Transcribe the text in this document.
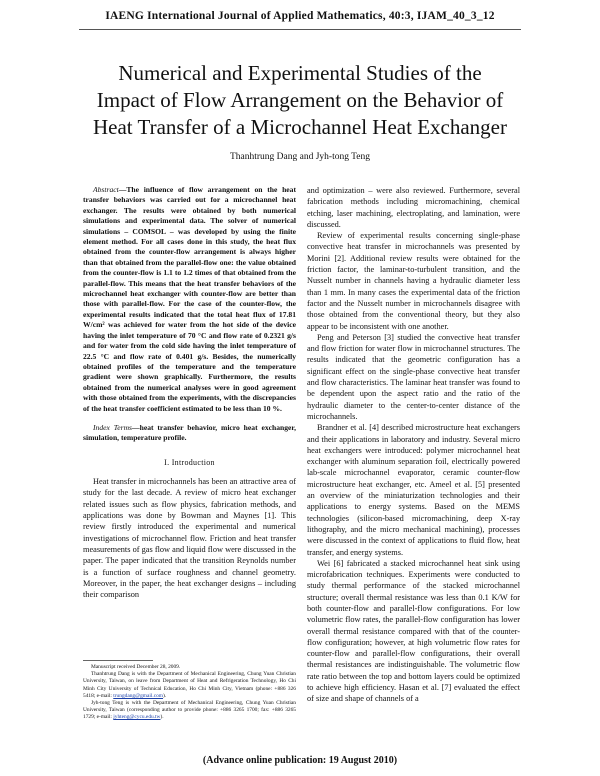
IAENG International Journal of Applied Mathematics, 40:3, IJAM_40_3_12
Numerical and Experimental Studies of the
Impact of Flow Arrangement on the Behavior of
Heat Transfer of a Microchannel Heat Exchanger
Thanhtrung Dang and Jyh-tong Teng

Abstract—The influence of flow arrangement on the heat transfer behaviors was carried out for a microchannel heat exchanger. The results were obtained by both numerical simulations and experimental data. The solver of numerical simulations – COMSOL – was developed by using the finite element method. For all cases done in this study, the heat flux obtained from the counter-flow arrangement is always higher than that obtained from the parallel-flow one: the value obtained from the counter-flow is 1.1 to 1.2 times of that obtained from the parallel-flow. This means that the heat transfer behaviors of the microchannel heat exchanger with counter-flow are better than those with parallel-flow. For the case of the counter-flow, the experimental results indicated that the total heat flux of 17.81 W/cm² was achieved for water from the hot side of the device having the inlet temperature of 70 °C and flow rate of 0.2321 g/s and for water from the cold side having the inlet temperature of 22.5 °C and flow rate of 0.401 g/s. Besides, the numerically obtained profiles of the temperature and the temperature gradient were shown graphically. Furthermore, the results obtained from the numerical analyses were in good agreement with those obtained from the experiments, with the discrepancies of the heat transfer coefficient estimated to be less than 10 %.

Index Terms—heat transfer behavior, micro heat exchanger, simulation, temperature profile.

I. Introduction

Heat transfer in microchannels has been an attractive area of study for the last decade. A review of micro heat exchanger related issues such as flow physics, fabrication methods, and applications was done by Bowman and Maynes [1]. This review firstly introduced the experimental and numerical investigations of microchannel flow. Friction and heat transfer measurements of gas flow and liquid flow were discussed in the paper. The paper indicated that the transition Reynolds number is a function of surface roughness and channel geometry. Moreover, in the paper, the heat exchanger designs – including their comparison

Manuscript received December 28, 2009.

Thanhtrung Dang is with the Department of Mechanical Engineering, Chung Yuan Christian University, Taiwan, on leave from Department of Heat and Refrigeration Technology, Ho Chi Minh City University of Technical Education, Ho Chi Minh City, Vietnam (phone: +886 326 5418; e-mail: trungdang@gmail.com).

Jyh-tong Teng is with the Department of Mechanical Engineering, Chung Yuan Christian University, Taiwan (corresponding author to provide phone: +886 3265 1700; fax: +886 3265 1729; e-mail: jyhteng@cycu.edu.tw).

and optimization – were also reviewed. Furthermore, several fabrication methods including micromachining, chemical etching, laser machining, electroplating, and lamination, were discussed.

Review of experimental results concerning single-phase convective heat transfer in microchannels was presented by Morini [2]. Additional review results were obtained for the friction factor, the laminar-to-turbulent transition, and the Nusselt number in channels having a hydraulic diameter less than 1 mm. In many cases the experimental data of the friction factor and the Nusselt number in microchannels disagree with those obtained from the conventional theory, but they also appear to be inconsistent with one another.

Peng and Peterson [3] studied the convective heat transfer and flow friction for water flow in microchannel structures. The results indicated that the geometric configuration has a significant effect on the single-phase convective heat transfer and flow characteristics. The laminar heat transfer was found to be dependent upon the aspect ratio and the ratio of the hydraulic diameter to the center-to-center distance of the microchannels.

Brandner et al. [4] described microstructure heat exchangers and their applications in laboratory and industry. Several micro heat exchangers were introduced: polymer microchannel heat exchanger with aluminum separation foil, electrically powered lab-scale microchannel evaporator, ceramic counter-flow microstructure heat exchanger, etc. Ameel et al. [5] presented an overview of the miniaturization technologies and their applications to energy systems. Based on the MEMS technologies (silicon-based micromachining, deep X-ray lithography, and the micro mechanical machining), processes were discussed in the context of applications to fluid flow, heat transfer, and energy systems.

Wei [6] fabricated a stacked microchannel heat sink using microfabrication techniques. Experiments were conducted to study thermal performance of the stacked microchannel structure; overall thermal resistance was less than 0.1 K/W for both counter-flow and parallel-flow configurations. For low volumetric flow rates, the parallel-flow configuration has lower overall thermal resistance compared with that of the counter-flow configuration; however, at high volumetric flow rates for counter-flow and parallel-flow configurations, their overall thermal resistances are indistinguishable. The volumetric flow rate ratio between the top and bottom layers could be optimized to achieve high efficiency. Hasan et al. [7] evaluated the effect of size and shape of channels of a

(Advance online publication: 19 August 2010)
